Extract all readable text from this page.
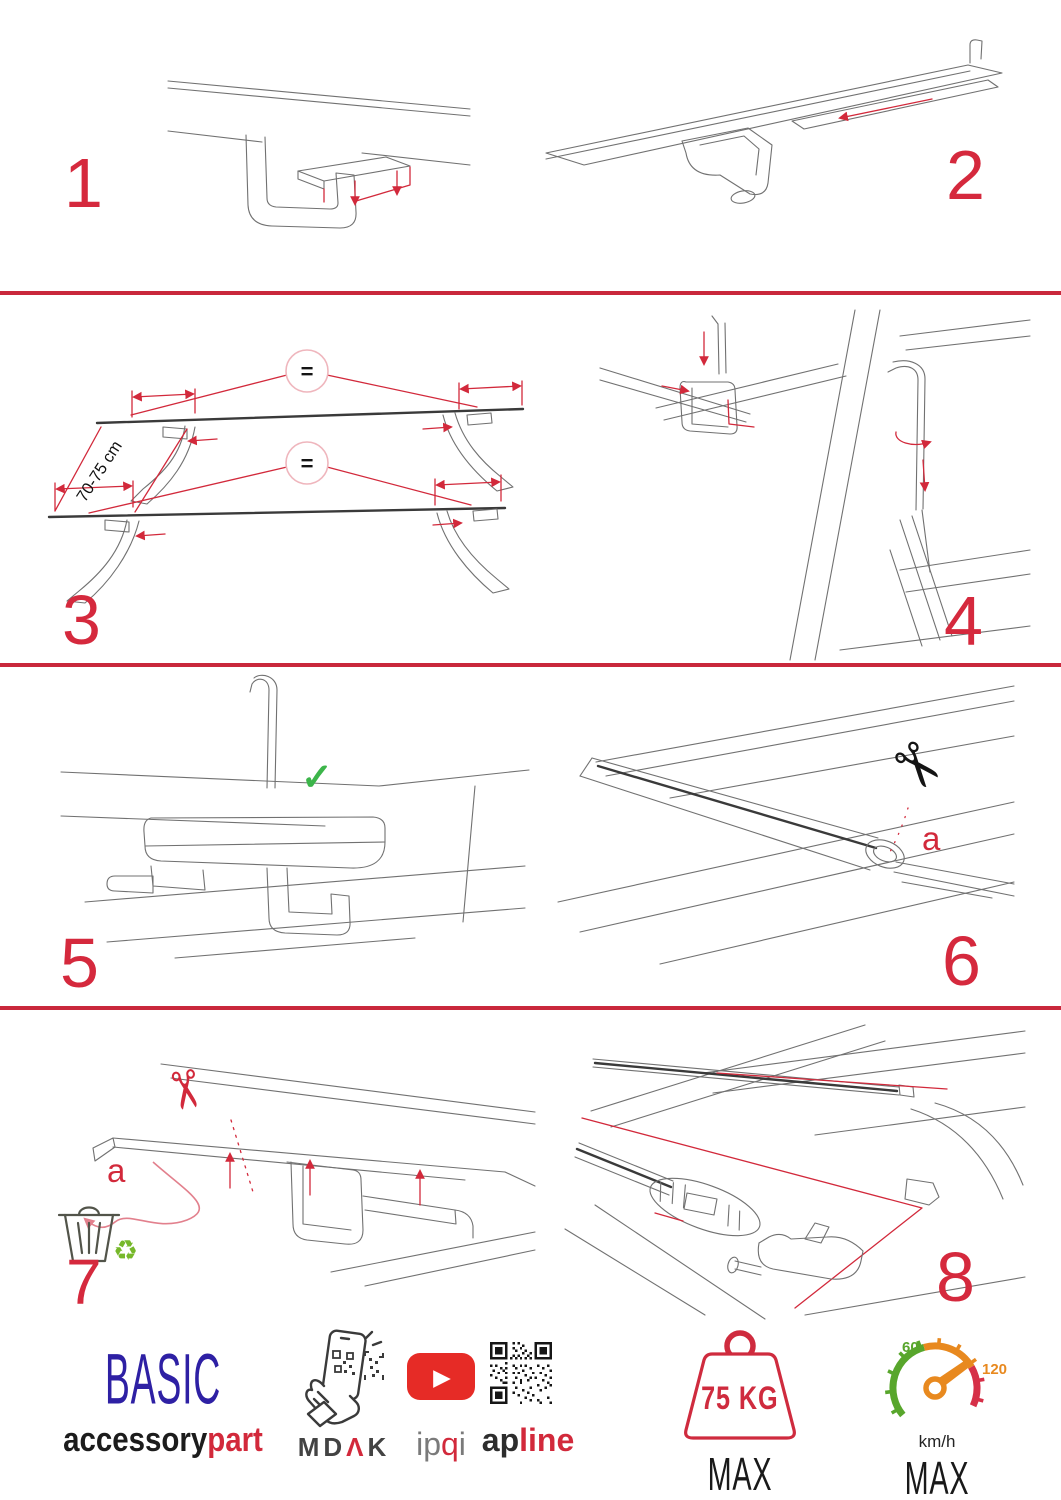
1	2
=
=
70-75 cm
3	4
✓	✂
a
5	6
✂
a
♻
7	8
BASIC
accessorypart	MDΛK
▶
ipqi apline
75 KG
MAX
60
120
km/h
MAX
